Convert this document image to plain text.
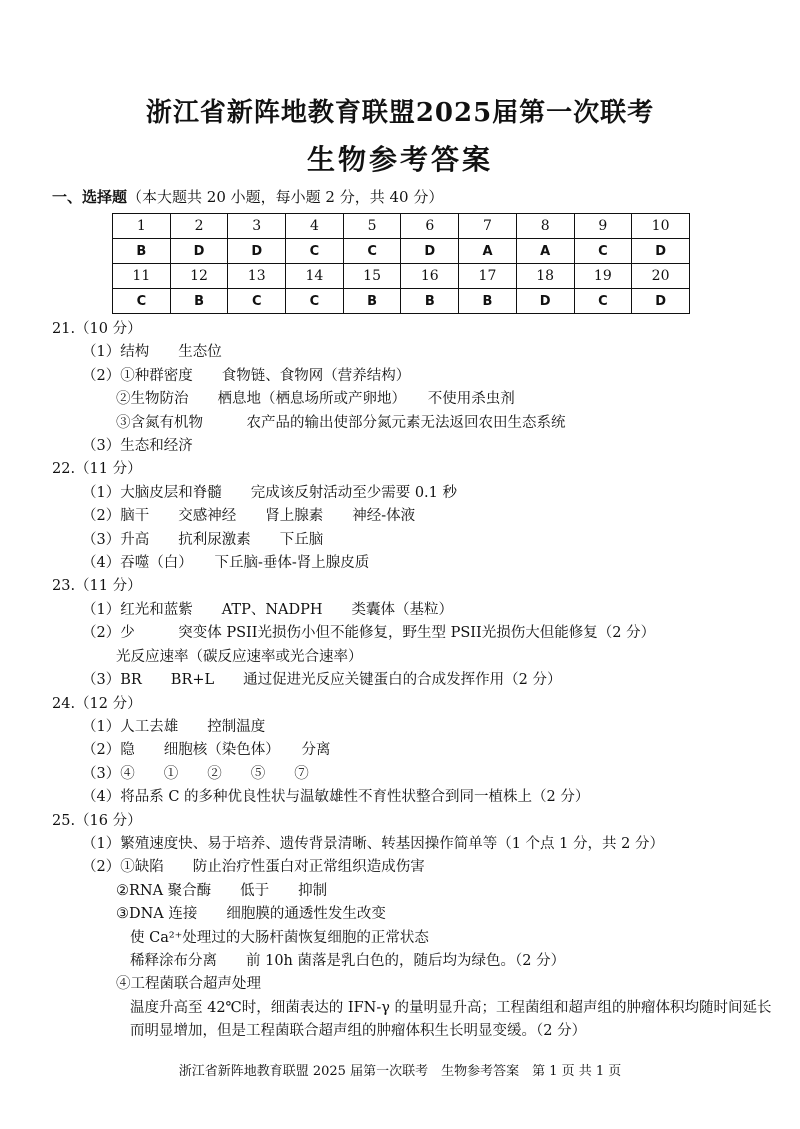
浙江省新阵地教育联盟2025届第一次联考
生物参考答案
一、选择题（本大题共 20 小题，每小题 2 分，共 40 分）
1	2	3	4	5	6	7	8	9	10
B	D	D	C	C	D	A	A	C	D
11	12	13	14	15	16	17	18	19	20
C	B	C	C	B	B	B	D	C	D
21.（10 分）
（1）结构　　生态位
（2）①种群密度　　食物链、食物网（营养结构）
②生物防治　　栖息地（栖息场所或产卵地）　　不使用杀虫剂
③含氮有机物　　　农产品的输出使部分氮元素无法返回农田生态系统
（3）生态和经济
22.（11 分）
（1）大脑皮层和脊髓　　完成该反射活动至少需要 0.1 秒
（2）脑干　　交感神经　　肾上腺素　　神经-体液
（3）升高　　抗利尿激素　　下丘脑
（4）吞噬（白）　　下丘脑-垂体-肾上腺皮质
23.（11 分）
（1）红光和蓝紫　　ATP、NADPH　　类囊体（基粒）
（2）少　　　突变体 PSII光损伤小但不能修复，野生型 PSII光损伤大但能修复（2 分）
光反应速率（碳反应速率或光合速率）
（3）BR　　BR+L　　通过促进光反应关键蛋白的合成发挥作用（2 分）
24.（12 分）
（1）人工去雄　　控制温度
（2）隐　　细胞核（染色体）　　分离
（3）④　　①　　②　　⑤　　⑦
（4）将品系 C 的多种优良性状与温敏雄性不育性状整合到同一植株上（2 分）
25.（16 分）
（1）繁殖速度快、易于培养、遗传背景清晰、转基因操作简单等（1 个点 1 分，共 2 分）
（2）①缺陷　　防止治疗性蛋白对正常组织造成伤害
②RNA 聚合酶　　低于　　抑制
③DNA 连接　　细胞膜的通透性发生改变
使 Ca²⁺处理过的大肠杆菌恢复细胞的正常状态
稀释涂布分离　　前 10h 菌落是乳白色的，随后均为绿色。（2 分）
④工程菌联合超声处理
温度升高至 42℃时，细菌表达的 IFN-γ 的量明显升高；工程菌组和超声组的肿瘤体积均随时间延长而明显增加，但是工程菌联合超声组的肿瘤体积生长明显变缓。（2 分）
浙江省新阵地教育联盟 2025 届第一次联考　生物参考答案　第 1 页 共 1 页
